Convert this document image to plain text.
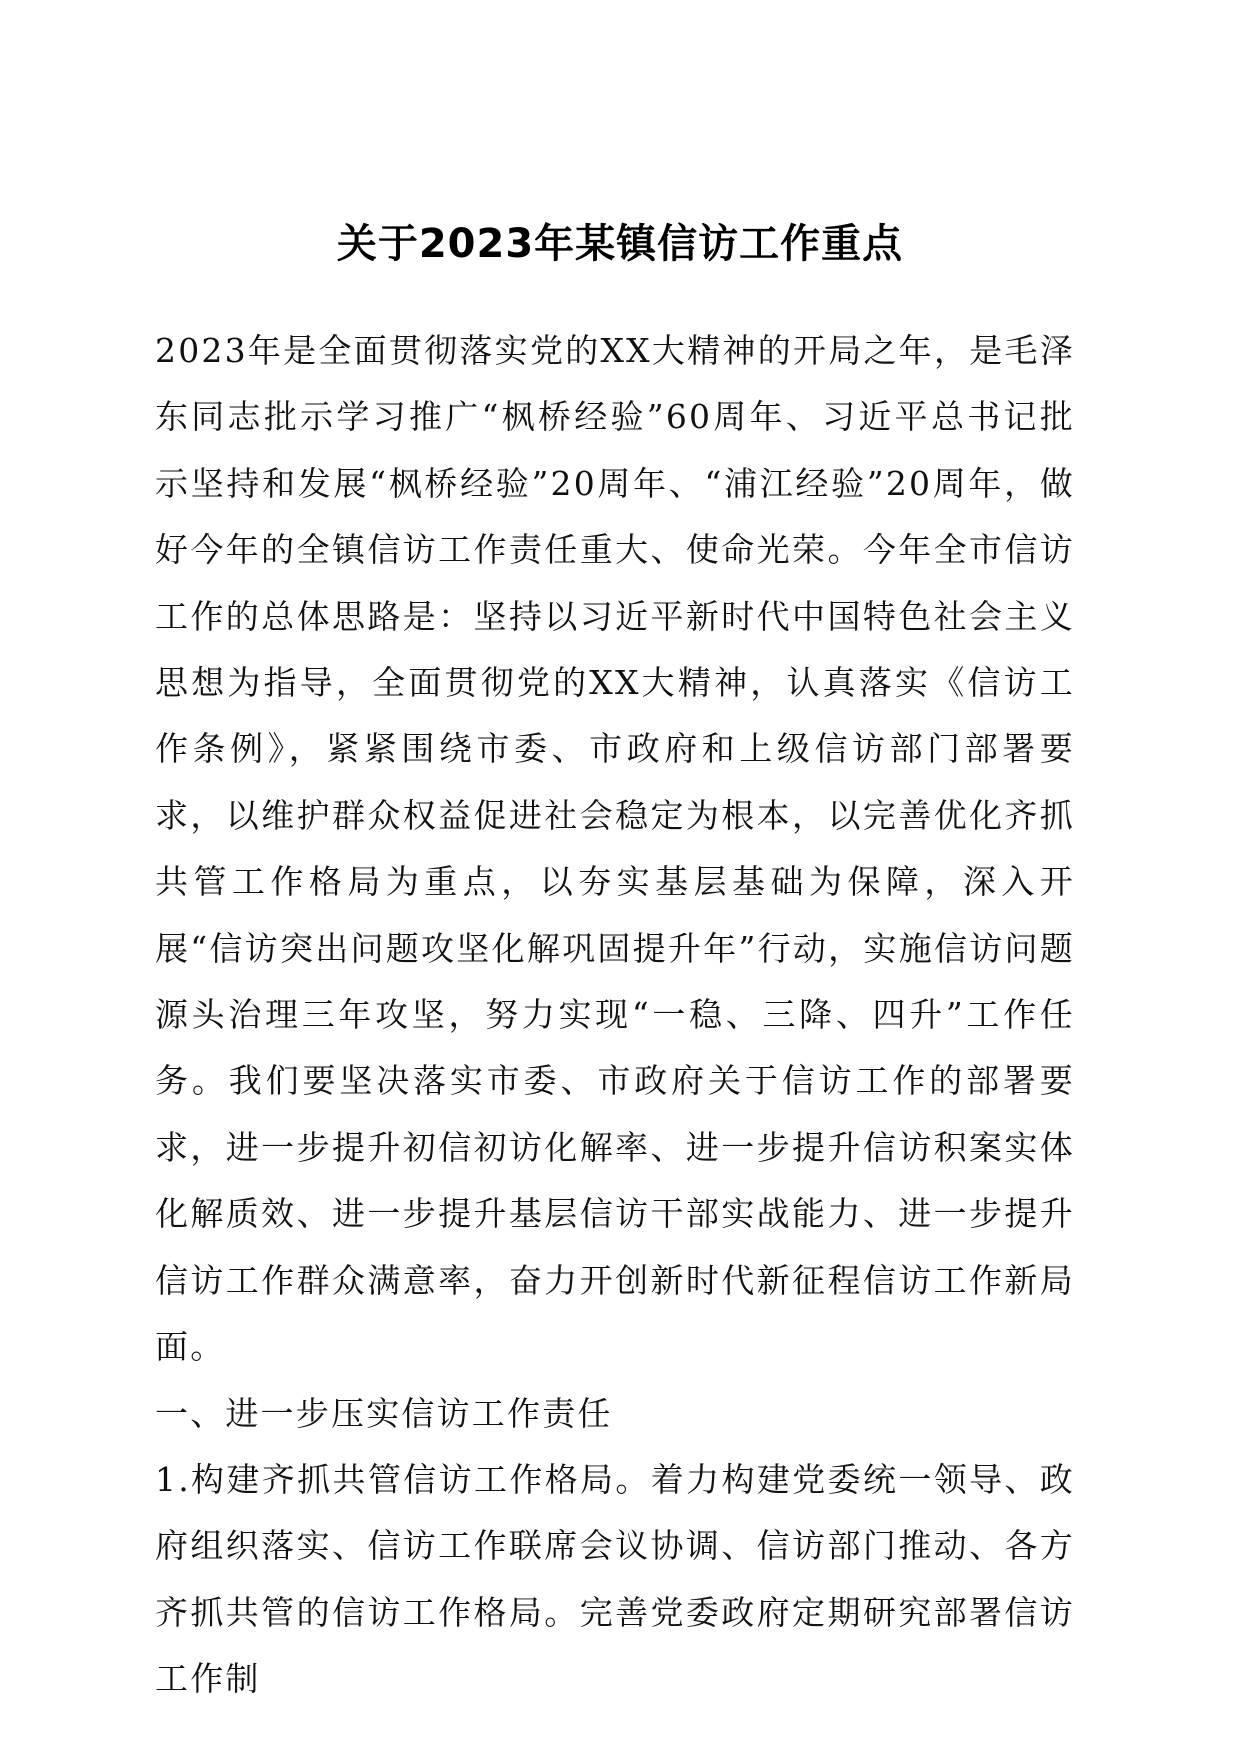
关于2023年某镇信访工作重点

2023年是全面贯彻落实党的XX大精神的开局之年，是毛泽东同志批示学习推广“枫桥经验”60周年、习近平总书记批示坚持和发展“枫桥经验”20周年、“浦江经验”20周年，做好今年的全镇信访工作责任重大、使命光荣。今年全市信访工作的总体思路是：坚持以习近平新时代中国特色社会主义思想为指导，全面贯彻党的XX大精神，认真落实《信访工作条例》，紧紧围绕市委、市政府和上级信访部门部署要求，以维护群众权益促进社会稳定为根本，以完善优化齐抓共管工作格局为重点，以夯实基层基础为保障，深入开展“信访突出问题攻坚化解巩固提升年”行动，实施信访问题源头治理三年攻坚，努力实现“一稳、三降、四升”工作任务。我们要坚决落实市委、市政府关于信访工作的部署要求，进一步提升初信初访化解率、进一步提升信访积案实体化解质效、进一步提升基层信访干部实战能力、进一步提升信访工作群众满意率，奋力开创新时代新征程信访工作新局面。

一、进一步压实信访工作责任

1.构建齐抓共管信访工作格局。着力构建党委统一领导、政府组织落实、信访工作联席会议协调、信访部门推动、各方齐抓共管的信访工作格局。完善党委政府定期研究部署信访工作制
